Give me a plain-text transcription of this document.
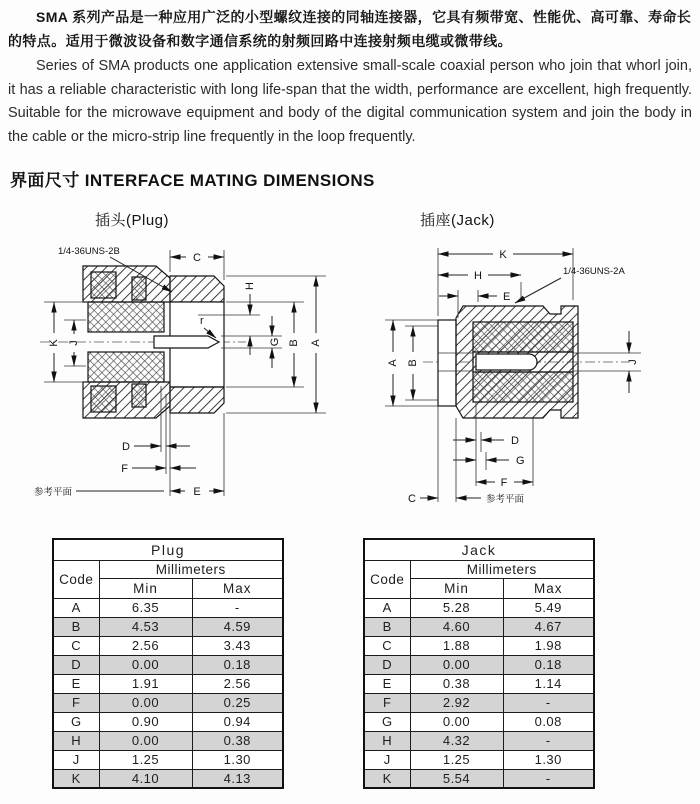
SMA 系列产品是一种应用广泛的小型螺纹连接的同轴连接器，它具有频带宽、性能优、高可靠、寿命长的特点。适用于微波设备和数字通信系统的射频回路中连接射频电缆或微带线。

Series of SMA products one application extensive small-scale coaxial person who join that whorl join, it has a reliable characteristic with long life-span that the width, performance are excellent, high frequently. Suitable for the microwave equipment and body of the digital communication system and join the body in the cable or the micro-strip line frequently in the loop frequently.

界面尺寸 INTERFACE MATING DIMENSIONS
插头(Plug)	插座(Jack)
1/4-36UNS-2B
C
r
H
G B A
K J
D
F
参考平面	E
K
H
E
1/4-36UNS-2A
A B	J
D
G
F
C	参考平面
Plug		
Code	Millimeters	
	Min	Max
A	6.35	-
B	4.53	4.59
C	2.56	3.43
D	0.00	0.18
E	1.91	2.56
F	0.00	0.25
G	0.90	0.94
H	0.00	0.38
J	1.25	1.30
K	4.10	4.13
Jack		
Code	Millimeters	
	Min	Max
A	5.28	5.49
B	4.60	4.67
C	1.88	1.98
D	0.00	0.18
E	0.38	1.14
F	2.92	-
G	0.00	0.08
H	4.32	-
J	1.25	1.30
K	5.54	-
